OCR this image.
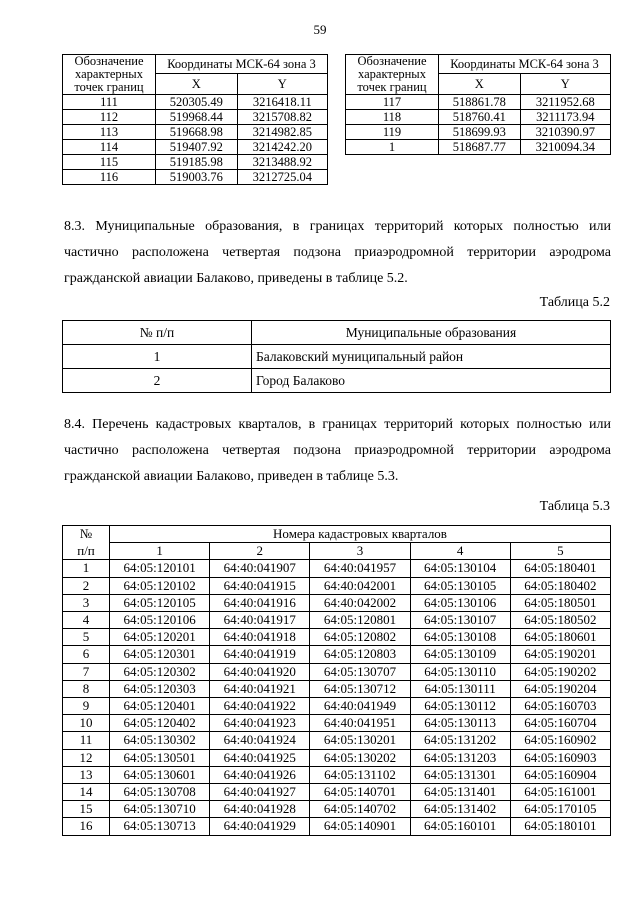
59
Обозначение характерных точек границ	Координаты МСК-64 зона 3	
	X	Y
111	520305.49	3216418.11
112	519968.44	3215708.82
113	519668.98	3214982.85
114	519407.92	3214242.20
115	519185.98	3213488.92
116	519003.76	3212725.04
Обозначение характерных точек границ	Координаты МСК-64 зона 3	
	X	Y
117	518861.78	3211952.68
118	518760.41	3211173.94
119	518699.93	3210390.97
1	518687.77	3210094.34
8.3. Муниципальные образования, в границах территорий которых полностью или частично расположена четвертая подзона приаэродромной территории аэродрома гражданской авиации Балаково, приведены в таблице 5.2.
Таблица 5.2
№ п/п	Муниципальные образования
1	Балаковский муниципальный район
2	Город Балаково
8.4. Перечень кадастровых кварталов, в границах территорий которых полностью или частично расположена четвертая подзона приаэродромной территории аэродрома гражданской авиации Балаково, приведен в таблице 5.3.
Таблица 5.3
№	Номера кадастровых кварталов				
п/п	1	2	3	4	5
1	64:05:120101	64:40:041907	64:40:041957	64:05:130104	64:05:180401
2	64:05:120102	64:40:041915	64:40:042001	64:05:130105	64:05:180402
3	64:05:120105	64:40:041916	64:40:042002	64:05:130106	64:05:180501
4	64:05:120106	64:40:041917	64:05:120801	64:05:130107	64:05:180502
5	64:05:120201	64:40:041918	64:05:120802	64:05:130108	64:05:180601
6	64:05:120301	64:40:041919	64:05:120803	64:05:130109	64:05:190201
7	64:05:120302	64:40:041920	64:05:130707	64:05:130110	64:05:190202
8	64:05:120303	64:40:041921	64:05:130712	64:05:130111	64:05:190204
9	64:05:120401	64:40:041922	64:40:041949	64:05:130112	64:05:160703
10	64:05:120402	64:40:041923	64:40:041951	64:05:130113	64:05:160704
11	64:05:130302	64:40:041924	64:05:130201	64:05:131202	64:05:160902
12	64:05:130501	64:40:041925	64:05:130202	64:05:131203	64:05:160903
13	64:05:130601	64:40:041926	64:05:131102	64:05:131301	64:05:160904
14	64:05:130708	64:40:041927	64:05:140701	64:05:131401	64:05:161001
15	64:05:130710	64:40:041928	64:05:140702	64:05:131402	64:05:170105
16	64:05:130713	64:40:041929	64:05:140901	64:05:160101	64:05:180101
